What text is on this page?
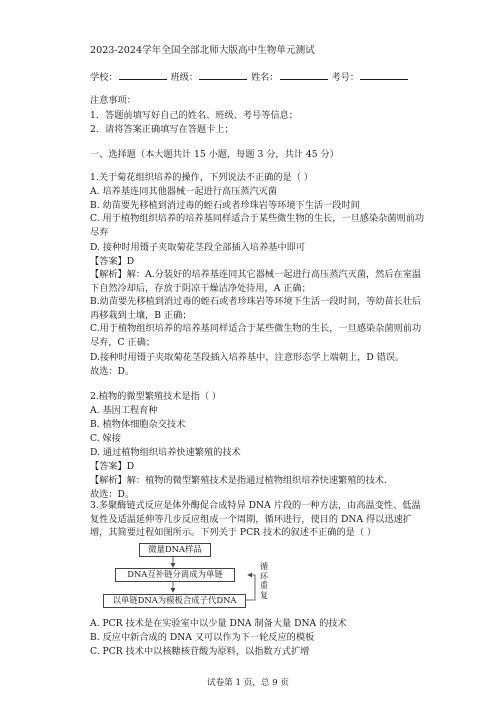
2023-2024学年全国全部北师大版高中生物单元测试
学校：	班级：	姓名：	考号：
注意事项：
1．答题前填写好自己的姓名、班级、考号等信息；
2．请将答案正确填写在答题卡上；
一、选择题（本大题共计 15 小题，每题 3 分，共计 45 分）
1.关于菊花组织培养的操作，下列说法不正确的是（ ）
A. 培养基连同其他器械一起进行高压蒸汽灭菌
B. 幼苗要先移植到消过毒的蛭石或者珍珠岩等环境下生活一段时间
C. 用于植物组织培养的培养基同样适合于某些微生物的生长，一旦感染杂菌则前功尽弃
D. 接种时用镊子夹取菊花茎段全部插入培养基中即可
【答案】D
【解析】解：A.分装好的培养基连同其它器械一起进行高压蒸汽灭菌，然后在室温下自然冷却后，存放于阴凉干燥洁净处待用，A 正确；
B.幼苗要先移植到消过毒的蛭石或者珍珠岩等环境下生活一段时间，等幼苗长壮后再移栽到土壤，B 正确；
C.用于植物组织培养的培养基同样适合于某些微生物的生长，一旦感染杂菌则前功尽弃，C 正确；
D.接种时用镊子夹取菊花茎段插入培养基中，注意形态学上端朝上，D 错误。
故选：D。
2.植物的微型繁殖技术是指（ ）
A. 基因工程育种
B. 植物体细胞杂交技术
C. 嫁接
D. 通过植物组织培养快速繁殖的技术
【答案】D
【解析】解：植物的微型繁殖技术是指通过植物组织培养快速繁殖的技术．
故选：D。
3.多聚酶链式反应是体外酶促合成特异 DNA 片段的一种方法，由高温变性、低温复性及适温延伸等几步反应组成一个周期，循环进行，使目的 DNA 得以迅速扩增，其简要过程如图所示。下列关于 PCR 技术的叙述不正确的是（ ）
微量DNA样品
DNA互补链分离成为单链
以单链DNA为模板合成子代DNA
循环重复
A. PCR 技术是在实验室中以少量 DNA 制备大量 DNA 的技术
B. 反应中新合成的 DNA 又可以作为下一轮反应的模板
C. PCR 技术中以核糖核苷酸为原料，以指数方式扩增
试卷第 1 页，总 9 页
